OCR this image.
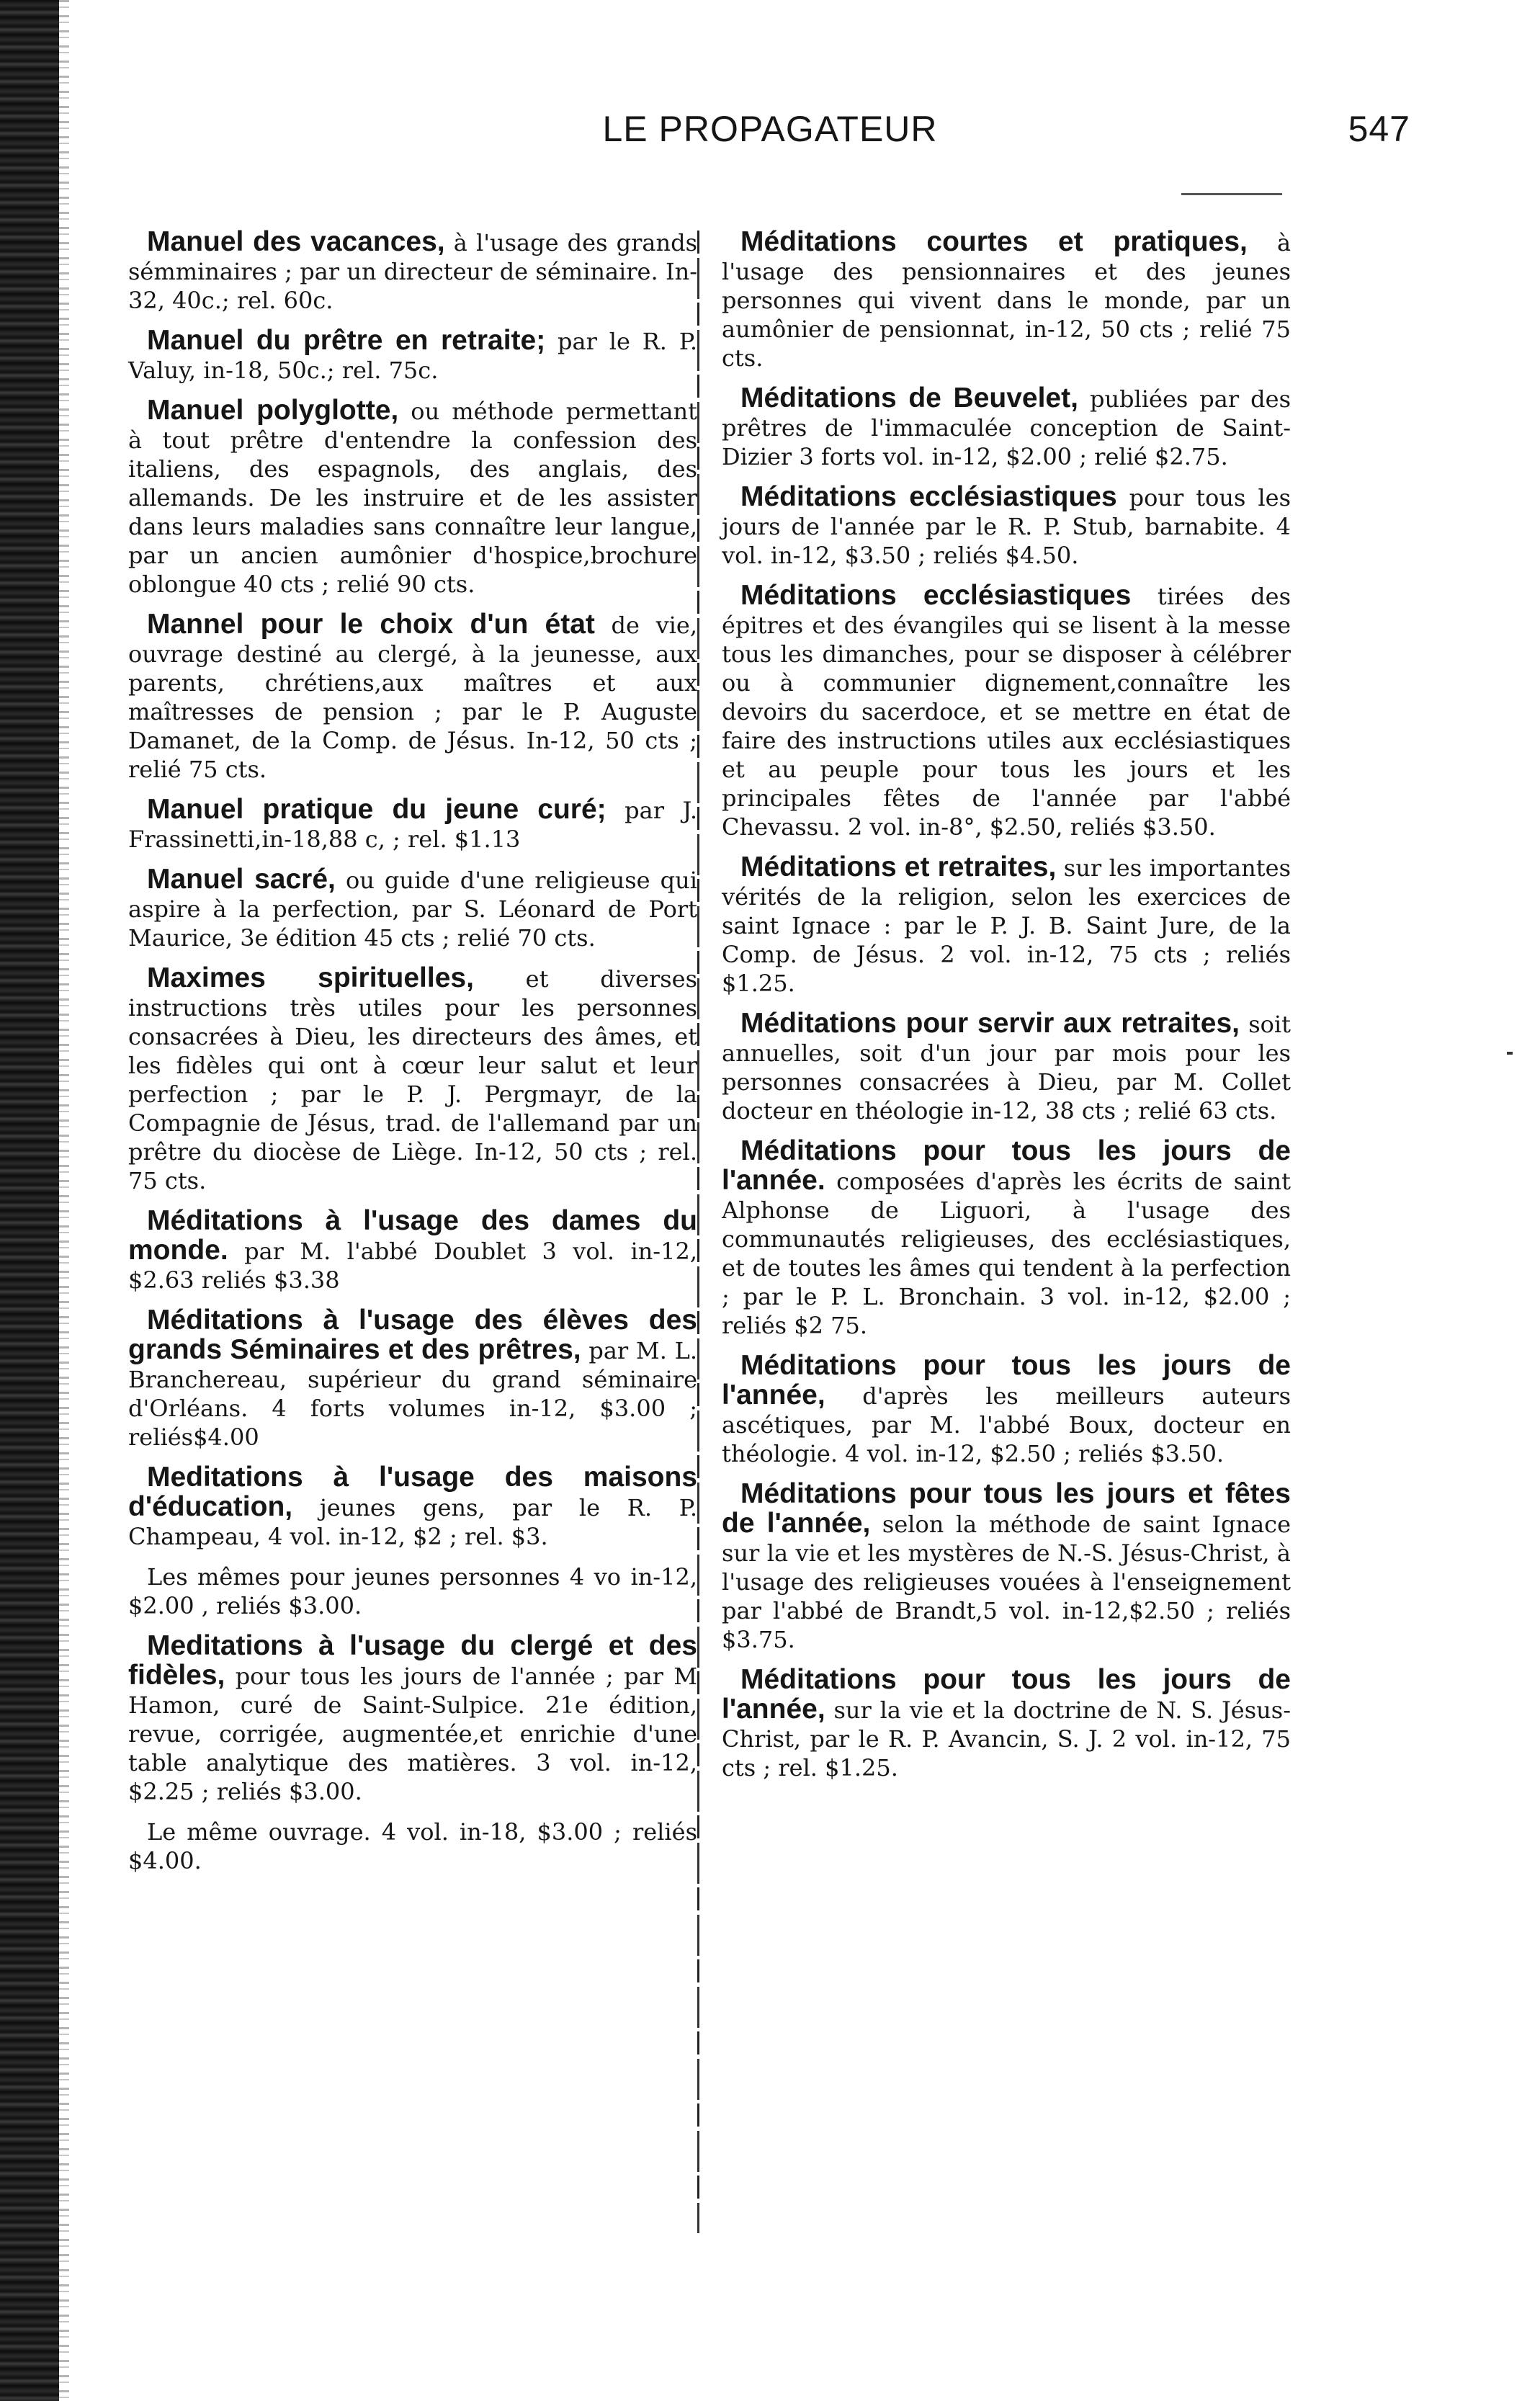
LE PROPAGATEUR	547

Manuel des vacances, à l'usage des grands sémminaires ; par un directeur de séminaire. In-32, 40c.; rel. 60c.

Manuel du prêtre en retraite; par le R. P. Valuy, in-18, 50c.; rel. 75c.

Manuel polyglotte, ou méthode permettant à tout prêtre d'entendre la confession des italiens, des espagnols, des anglais, des allemands. De les instruire et de les assister dans leurs maladies sans connaître leur langue, par un ancien aumônier d'hospice,brochure oblongue 40 cts ; relié 90 cts.

Mannel pour le choix d'un état de vie, ouvrage destiné au clergé, à la jeunesse, aux parents, chrétiens,aux maîtres et aux maîtresses de pension ; par le P. Auguste Damanet, de la Comp. de Jésus. In-12, 50 cts ; relié 75 cts.

Manuel pratique du jeune curé; par J. Frassinetti,in-18,88 c, ; rel. $1.13

Manuel sacré, ou guide d'une religieuse qui aspire à la perfection, par S. Léonard de Port Maurice, 3e édition 45 cts ; relié 70 cts.

Maximes spirituelles, et diverses instructions très utiles pour les personnes consacrées à Dieu, les directeurs des âmes, et les fidèles qui ont à cœur leur salut et leur perfection ; par le P. J. Pergmayr, de la Compagnie de Jésus, trad. de l'allemand par un prêtre du diocèse de Liège. In-12, 50 cts ; rel. 75 cts.

Méditations à l'usage des dames du monde. par M. l'abbé Doublet 3 vol. in-12, $2.63 reliés $3.38

Méditations à l'usage des élèves des grands Séminaires et des prêtres, par M. L. Branchereau, supérieur du grand séminaire d'Orléans. 4 forts volumes in-12, $3.00 ; reliés$4.00

Meditations à l'usage des maisons d'éducation, jeunes gens, par le R. P. Champeau, 4 vol. in-12, $2 ; rel. $3.

Les mêmes pour jeunes personnes 4 vo in-12, $2.00 , reliés $3.00.

Meditations à l'usage du clergé et des fidèles, pour tous les jours de l'année ; par M Hamon, curé de Saint-Sulpice. 21e édition, revue, corrigée, augmentée,et enrichie d'une table analytique des matières. 3 vol. in-12, $2.25 ; reliés $3.00.

Le même ouvrage. 4 vol. in-18, $3.00 ; reliés $4.00.

Méditations courtes et pratiques, à l'usage des pensionnaires et des jeunes personnes qui vivent dans le monde, par un aumônier de pensionnat, in-12, 50 cts ; relié 75 cts.

Méditations de Beuvelet, publiées par des prêtres de l'immaculée conception de Saint-Dizier 3 forts vol. in-12, $2.00 ; relié $2.75.

Méditations ecclésiastiques pour tous les jours de l'année par le R. P. Stub, barnabite. 4 vol. in-12, $3.50 ; reliés $4.50.

Méditations ecclésiastiques tirées des épitres et des évangiles qui se lisent à la messe tous les dimanches, pour se disposer à célébrer ou à communier dignement,connaître les devoirs du sacerdoce, et se mettre en état de faire des instructions utiles aux ecclésiastiques et au peuple pour tous les jours et les principales fêtes de l'année par l'abbé Chevassu. 2 vol. in-8°, $2.50, reliés $3.50.

Méditations et retraites, sur les importantes vérités de la religion, selon les exercices de saint Ignace : par le P. J. B. Saint Jure, de la Comp. de Jésus. 2 vol. in-12, 75 cts ; reliés $1.25.

Méditations pour servir aux retraites, soit annuelles, soit d'un jour par mois pour les personnes consacrées à Dieu, par M. Collet docteur en théologie in-12, 38 cts ; relié 63 cts.

Méditations pour tous les jours de l'année. composées d'après les écrits de saint Alphonse de Liguori, à l'usage des communautés religieuses, des ecclésiastiques, et de toutes les âmes qui tendent à la perfection ; par le P. L. Bronchain. 3 vol. in-12, $2.00 ; reliés $2 75.

Méditations pour tous les jours de l'année, d'après les meilleurs auteurs ascétiques, par M. l'abbé Boux, docteur en théologie. 4 vol. in-12, $2.50 ; reliés $3.50.

Méditations pour tous les jours et fêtes de l'année, selon la méthode de saint Ignace sur la vie et les mystères de N.-S. Jésus-Christ, à l'usage des religieuses vouées à l'enseignement par l'abbé de Brandt,5 vol. in-12,$2.50 ; reliés $3.75.

Méditations pour tous les jours de l'année, sur la vie et la doctrine de N. S. Jésus-Christ, par le R. P. Avancin, S. J. 2 vol. in-12, 75 cts ; rel. $1.25.
